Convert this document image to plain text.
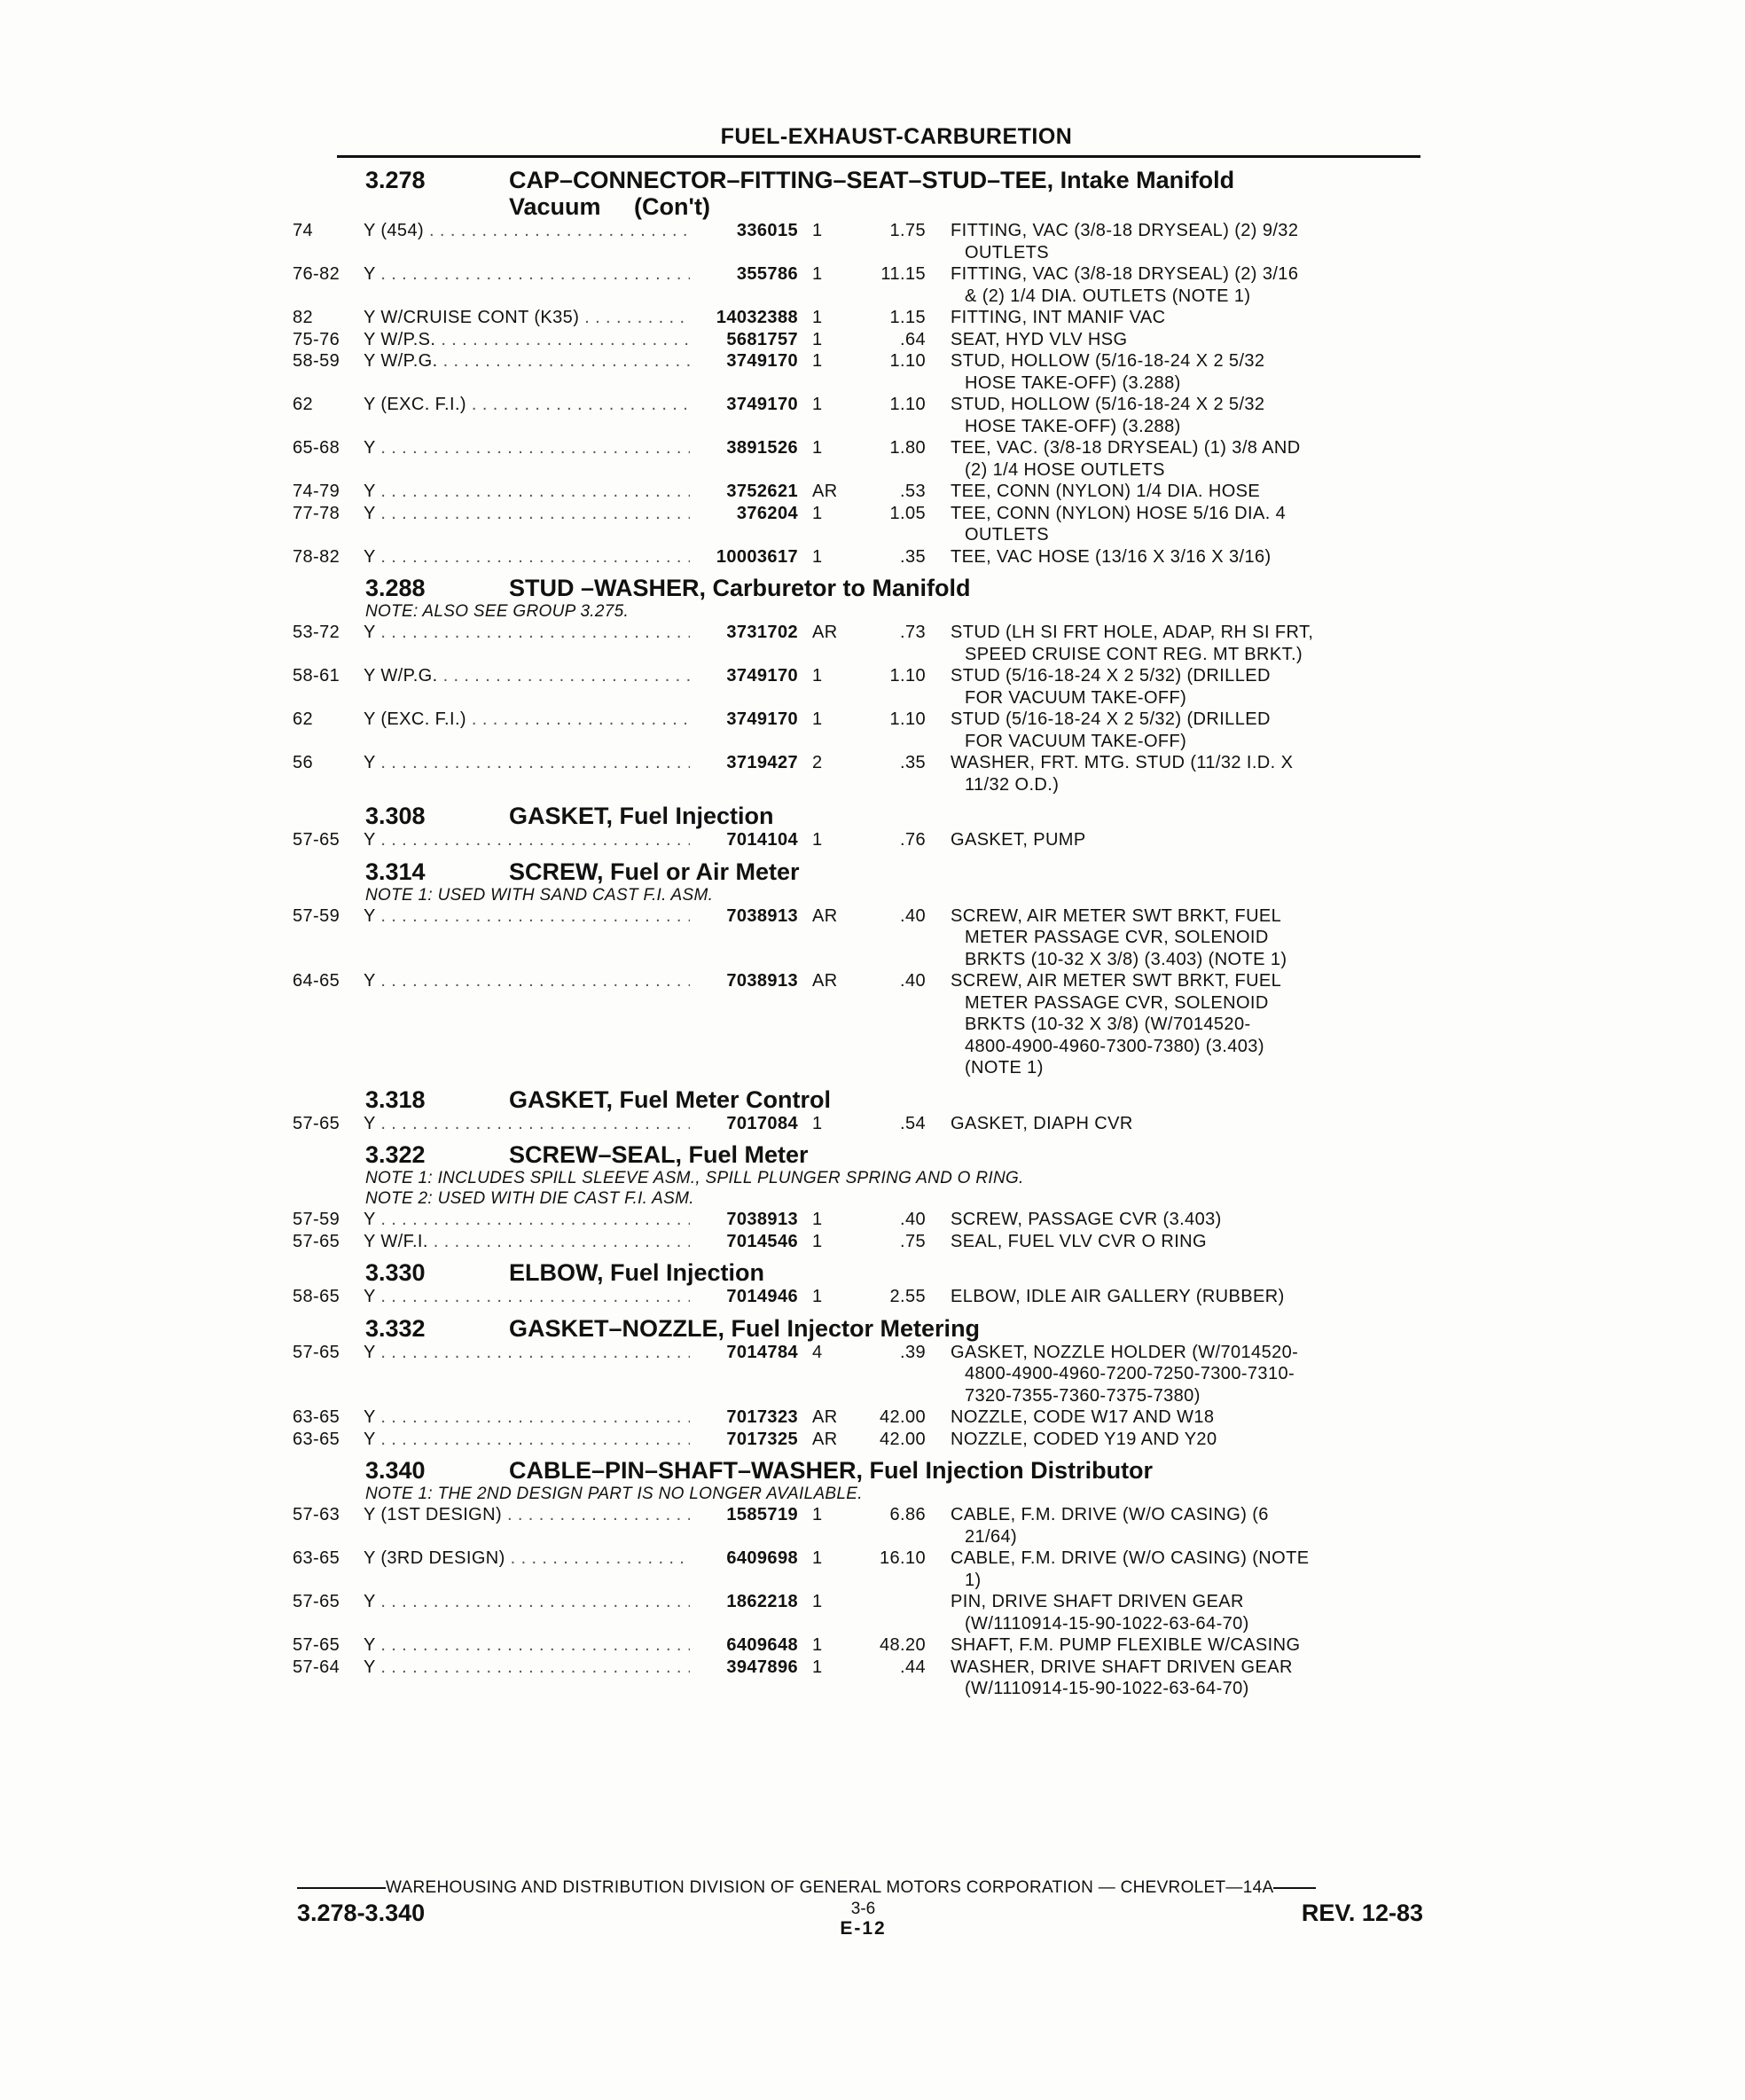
FUEL-EXHAUST-CARBURETION
3.278	CAP–CONNECTOR–FITTING–SEAT–STUD–TEE, Intake Manifold
Vacuum     (Con't)
74	Y (454) . . .	336015 1	1.75 FITTING, VAC (3/8-18 DRYSEAL) (2) 9/32
OUTLETS
76-82	Y . . .	355786 1	11.15 FITTING, VAC (3/8-18 DRYSEAL) (2) 3/16
& (2) 1/4 DIA. OUTLETS (NOTE 1)
82	Y W/CRUISE CONT (K35) . . .	14032388 1	1.15 FITTING, INT MANIF VAC
75-76	Y W/P.S. . . .	5681757 1	.64 SEAT, HYD VLV HSG
58-59	Y W/P.G. . . .	3749170 1	1.10 STUD, HOLLOW (5/16-18-24 X 2 5/32
HOSE TAKE-OFF) (3.288)
62	Y (EXC. F.I.) . . .	3749170 1	1.10 STUD, HOLLOW (5/16-18-24 X 2 5/32
HOSE TAKE-OFF) (3.288)
65-68	Y . . .	3891526 1	1.80 TEE, VAC. (3/8-18 DRYSEAL) (1) 3/8 AND
(2) 1/4 HOSE OUTLETS
74-79	Y . . .	3752621 AR	.53 TEE, CONN (NYLON) 1/4 DIA. HOSE
77-78	Y . . .	376204 1	1.05 TEE, CONN (NYLON) HOSE 5/16 DIA. 4
OUTLETS
78-82	Y . . .	10003617 1	.35 TEE, VAC HOSE (13/16 X 3/16 X 3/16)
3.288	STUD –WASHER, Carburetor to Manifold
NOTE: ALSO SEE GROUP 3.275.
53-72	Y . . .	3731702 AR	.73 STUD (LH SI FRT HOLE, ADAP, RH SI FRT,
SPEED CRUISE CONT REG. MT BRKT.)
58-61	Y W/P.G. . . .	3749170 1	1.10 STUD (5/16-18-24 X 2 5/32) (DRILLED
FOR VACUUM TAKE-OFF)
62	Y (EXC. F.I.) . . .	3749170 1	1.10 STUD (5/16-18-24 X 2 5/32) (DRILLED
FOR VACUUM TAKE-OFF)
56	Y . . .	3719427 2	.35 WASHER, FRT. MTG. STUD (11/32 I.D. X
11/32 O.D.)
3.308	GASKET, Fuel Injection
57-65	Y . . .	7014104 1	.76 GASKET, PUMP
3.314	SCREW, Fuel or Air Meter
NOTE 1: USED WITH SAND CAST F.I. ASM.
57-59	Y . . .	7038913 AR	.40 SCREW, AIR METER SWT BRKT, FUEL
METER PASSAGE CVR, SOLENOID
BRKTS (10-32 X 3/8) (3.403) (NOTE 1)
64-65	Y . . .	7038913 AR	.40 SCREW, AIR METER SWT BRKT, FUEL
METER PASSAGE CVR, SOLENOID
BRKTS (10-32 X 3/8) (W/7014520-
4800-4900-4960-7300-7380) (3.403)
(NOTE 1)
3.318	GASKET, Fuel Meter Control
57-65	Y . . .	7017084 1	.54 GASKET, DIAPH CVR
3.322	SCREW–SEAL, Fuel Meter
NOTE 1: INCLUDES SPILL SLEEVE ASM., SPILL PLUNGER SPRING AND O RING.
NOTE 2: USED WITH DIE CAST F.I. ASM.
57-59	Y . . .	7038913 1	.40 SCREW, PASSAGE CVR (3.403)
57-65	Y W/F.I. . . .	7014546 1	.75 SEAL, FUEL VLV CVR O RING
3.330	ELBOW, Fuel Injection
58-65	Y . . .	7014946 1	2.55 ELBOW, IDLE AIR GALLERY (RUBBER)
3.332	GASKET–NOZZLE, Fuel Injector Metering
57-65	Y . . .	7014784 4	.39 GASKET, NOZZLE HOLDER (W/7014520-
4800-4900-4960-7200-7250-7300-7310-
7320-7355-7360-7375-7380)
63-65	Y . . .	7017323 AR	42.00 NOZZLE, CODE W17 AND W18
63-65	Y . . .	7017325 AR	42.00 NOZZLE, CODED Y19 AND Y20
3.340	CABLE–PIN–SHAFT–WASHER, Fuel Injection Distributor
NOTE 1: THE 2ND DESIGN PART IS NO LONGER AVAILABLE.
57-63	Y (1ST DESIGN) . . .	1585719 1	6.86 CABLE, F.M. DRIVE (W/O CASING) (6
21/64)
63-65	Y (3RD DESIGN) . . .	6409698 1	16.10 CABLE, F.M. DRIVE (W/O CASING) (NOTE
1)
57-65	Y . . .	1862218 1	PIN, DRIVE SHAFT DRIVEN GEAR
(W/1110914-15-90-1022-63-64-70)
57-65	Y . . .	6409648 1	48.20 SHAFT, F.M. PUMP FLEXIBLE W/CASING
57-64	Y . . .	3947896 1	.44 WASHER, DRIVE SHAFT DRIVEN GEAR
(W/1110914-15-90-1022-63-64-70)
WAREHOUSING AND DISTRIBUTION DIVISION OF GENERAL MOTORS CORPORATION — CHEVROLET—14A
3.278-3.340	3-6
E-12
REV. 12-83
